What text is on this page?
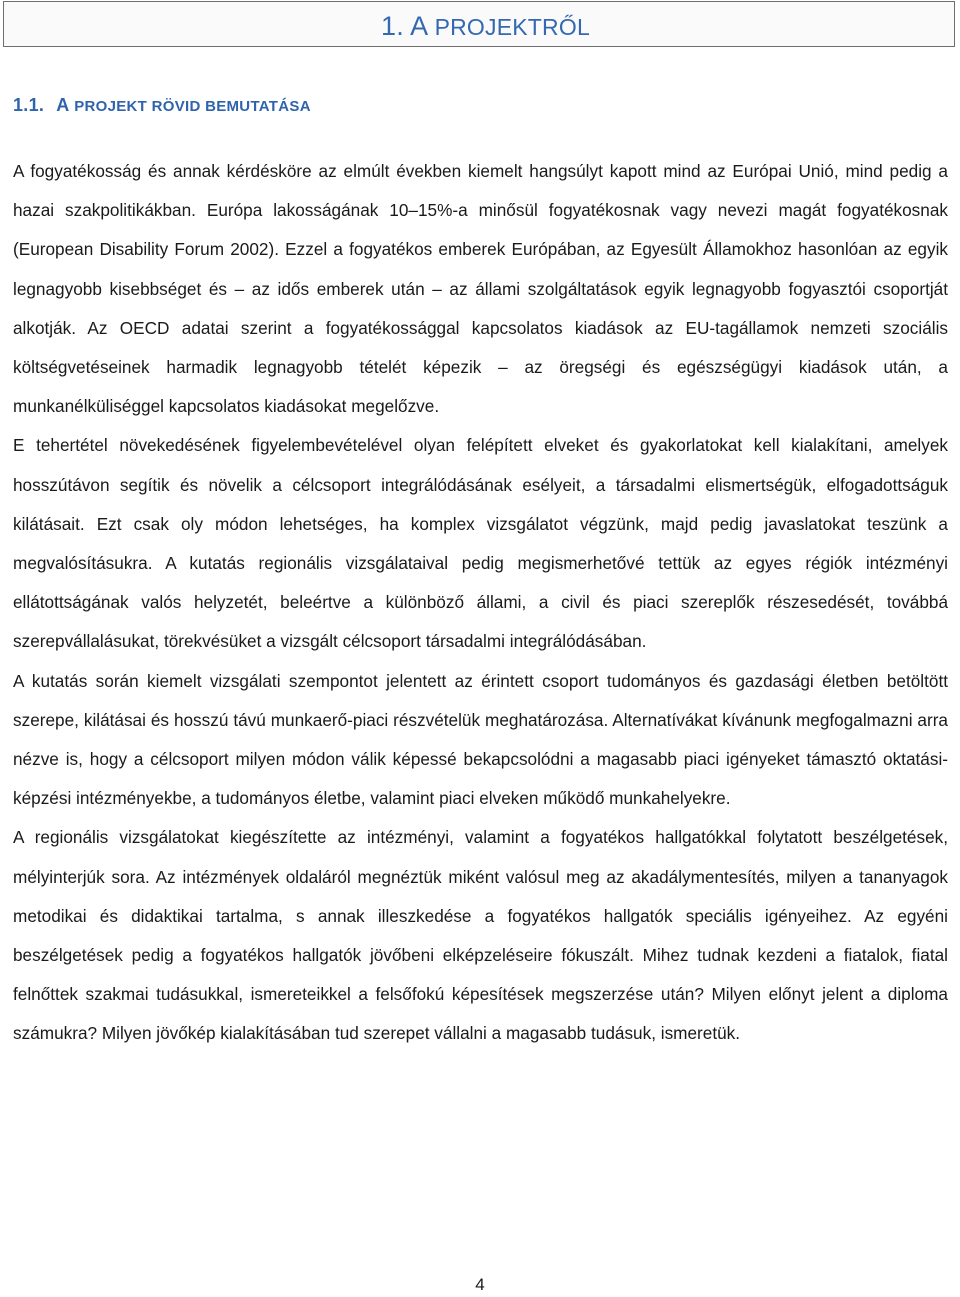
1. A PROJEKTRŐL
1.1. A PROJEKT RÖVID BEMUTATÁSA

A fogyatékosság és annak kérdésköre az elmúlt években kiemelt hangsúlyt kapott mind az Európai Unió, mind pedig a hazai szakpolitikákban. Európa lakosságának 10–15%-a minősül fogyatékosnak vagy nevezi magát fogyatékosnak (European Disability Forum 2002). Ezzel a fogyatékos emberek Európában, az Egyesült Államokhoz hasonlóan az egyik legnagyobb kisebbséget és – az idős emberek után – az állami szolgáltatások egyik legnagyobb fogyasztói csoportját alkotják. Az OECD adatai szerint a fogyatékossággal kapcsolatos kiadások az EU-tagállamok nemzeti szociális költségvetéseinek harmadik legnagyobb tételét képezik – az öregségi és egészségügyi kiadások után, a munkanélküliséggel kapcsolatos kiadásokat megelőzve.

E tehertétel növekedésének figyelembevételével olyan felépített elveket és gyakorlatokat kell kialakítani, amelyek hosszútávon segítik és növelik a célcsoport integrálódásának esélyeit, a társadalmi elismertségük, elfogadottságuk kilátásait. Ezt csak oly módon lehetséges, ha komplex vizsgálatot végzünk, majd pedig javaslatokat teszünk a megvalósításukra. A kutatás regionális vizsgálataival pedig megismerhetővé tettük az egyes régiók intézményi ellátottságának valós helyzetét, beleértve a különböző állami, a civil és piaci szereplők részesedését, továbbá szerepvállalásukat, törekvésüket a vizsgált célcsoport társadalmi integrálódásában.

A kutatás során kiemelt vizsgálati szempontot jelentett az érintett csoport tudományos és gazdasági életben betöltött szerepe, kilátásai és hosszú távú munkaerő-piaci részvételük meghatározása. Alternatívákat kívánunk megfogalmazni arra nézve is, hogy a célcsoport milyen módon válik képessé bekapcsolódni a magasabb piaci igényeket támasztó oktatási-képzési intézményekbe, a tudományos életbe, valamint piaci elveken működő munkahelyekre.

A regionális vizsgálatokat kiegészítette az intézményi, valamint a fogyatékos hallgatókkal folytatott beszélgetések, mélyinterjúk sora. Az intézmények oldaláról megnéztük miként valósul meg az akadálymentesítés, milyen a tananyagok metodikai és didaktikai tartalma, s annak illeszkedése a fogyatékos hallgatók speciális igényeihez. Az egyéni beszélgetések pedig a fogyatékos hallgatók jövőbeni elképzeléseire fókuszált. Mihez tudnak kezdeni a fiatalok, fiatal felnőttek szakmai tudásukkal, ismereteikkel a felsőfokú képesítések megszerzése után? Milyen előnyt jelent a diploma számukra? Milyen jövőkép kialakításában tud szerepet vállalni a magasabb tudásuk, ismeretük.

4
